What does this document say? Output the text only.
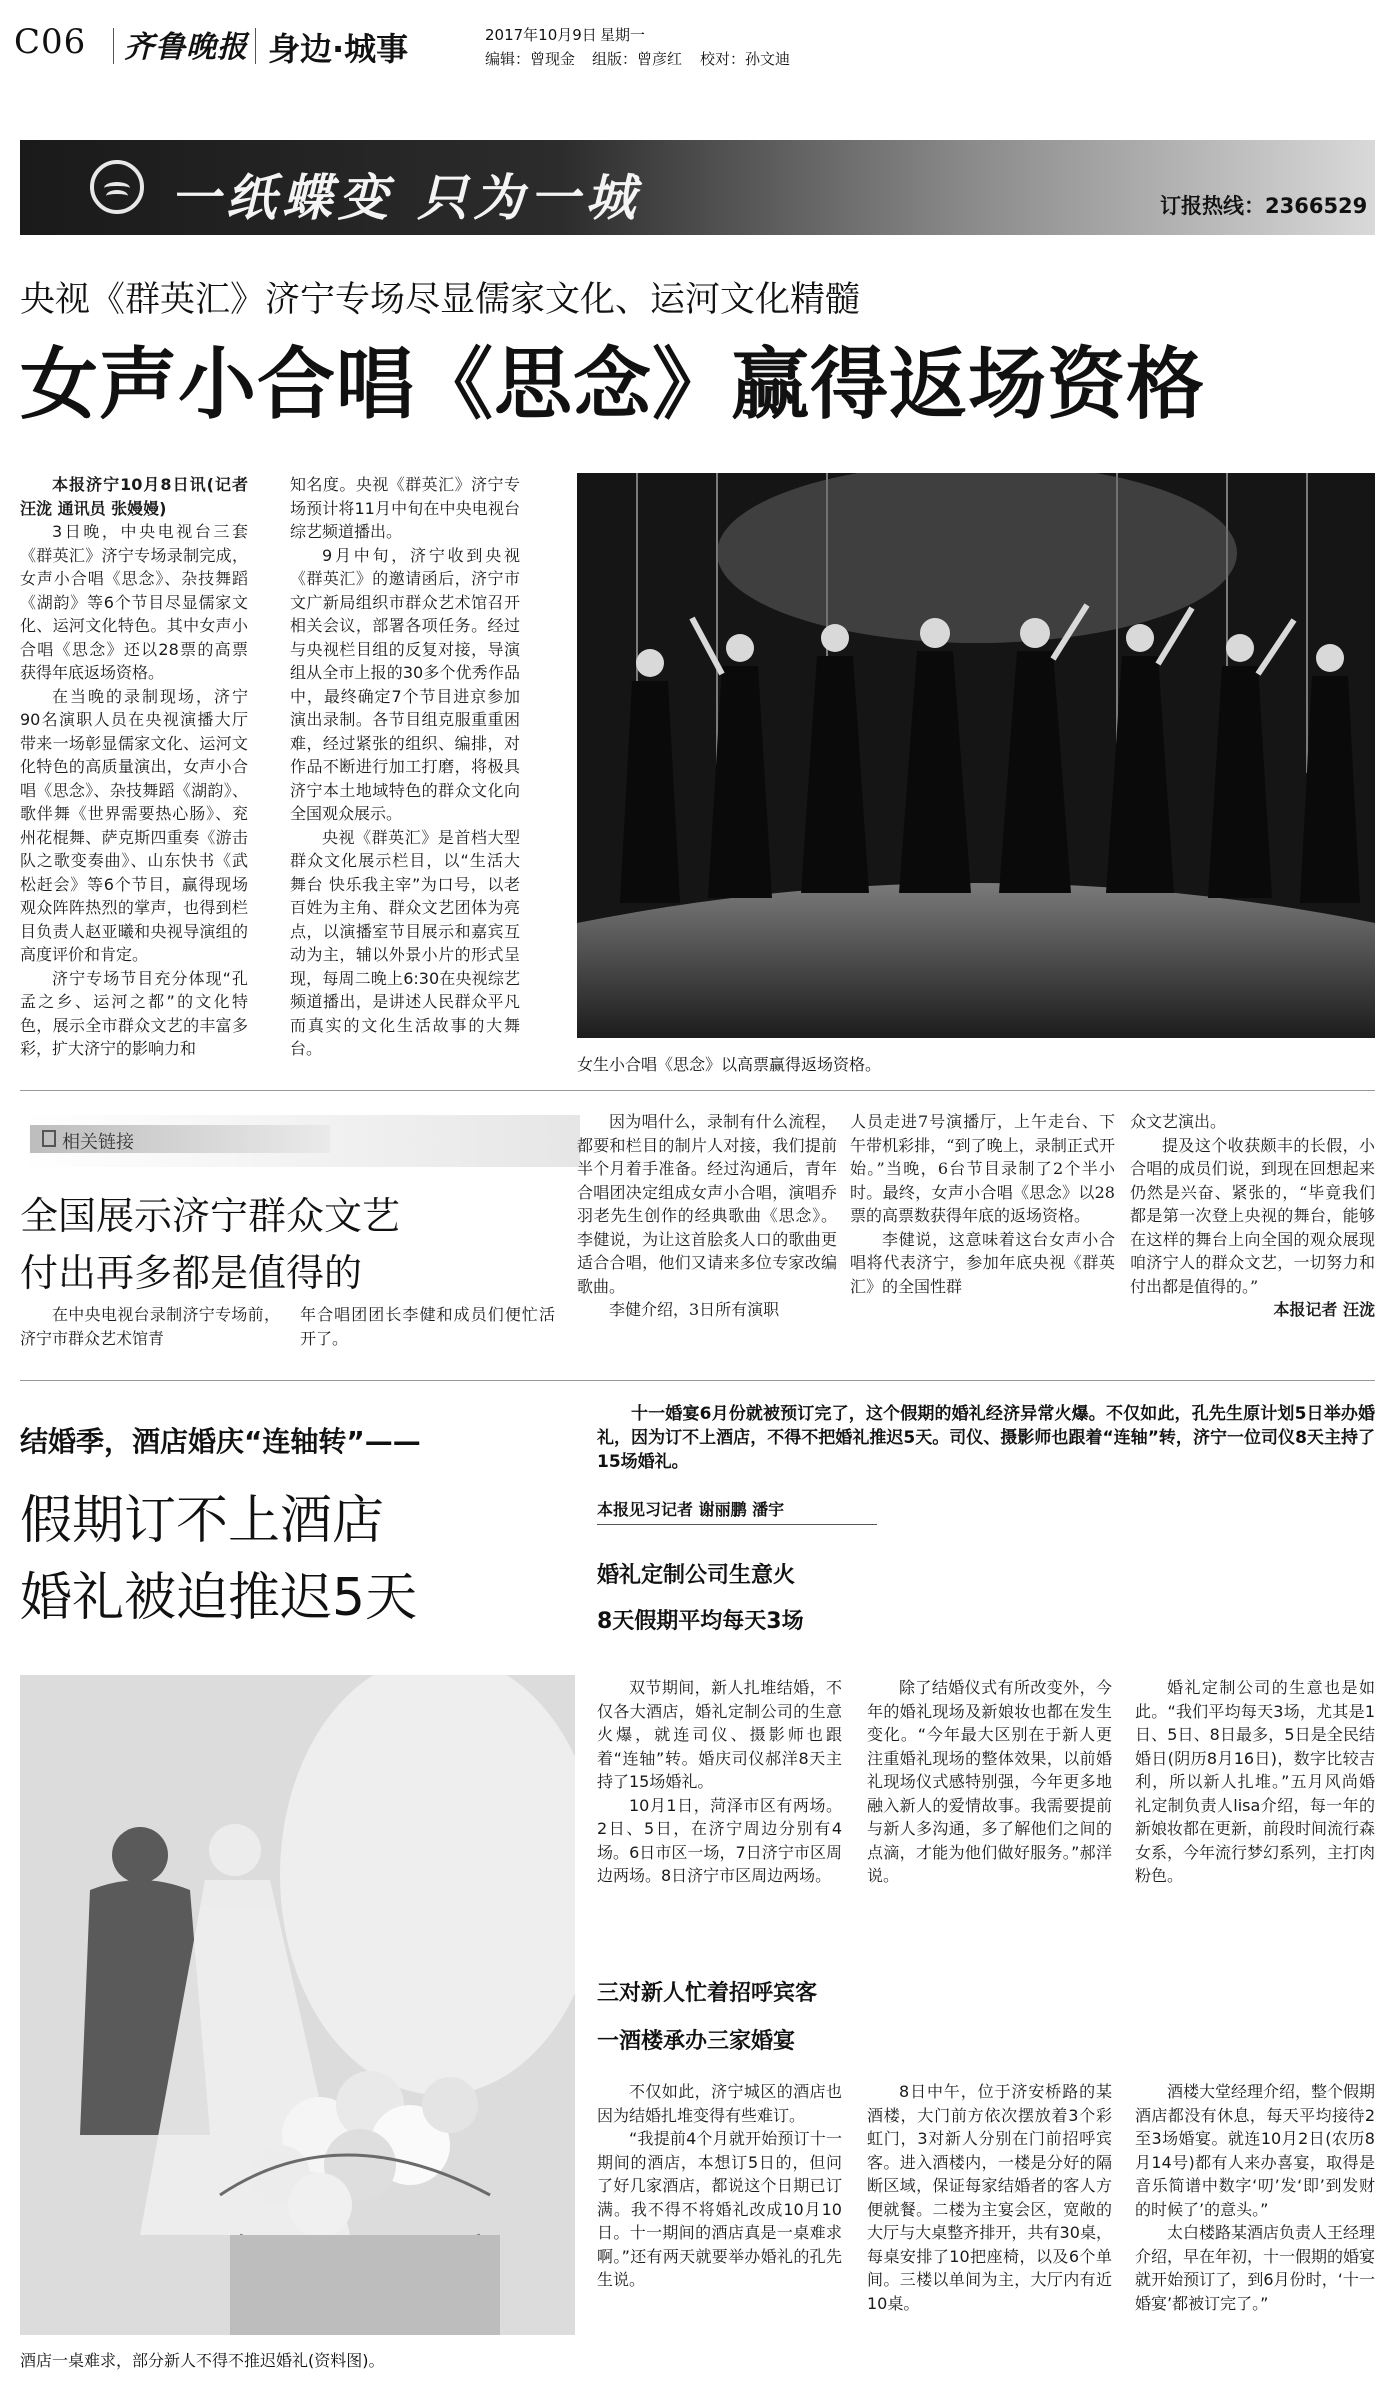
C06 齐鲁晚报 身边·城事	2017年10月9日 星期一
编辑：曾现金 组版：曾彦红 校对：孙文迪
一纸蝶变 只为一城	订报热线：2366529
央视《群英汇》济宁专场尽显儒家文化、运河文化精髓
女声小合唱《思念》赢得返场资格

本报济宁10月8日讯(记者 汪泷 通讯员 张嫚嫚)

3日晚，中央电视台三套《群英汇》济宁专场录制完成，女声小合唱《思念》、杂技舞蹈《湖韵》等6个节目尽显儒家文化、运河文化特色。其中女声小合唱《思念》还以28票的高票获得年底返场资格。

在当晚的录制现场，济宁90名演职人员在央视演播大厅带来一场彰显儒家文化、运河文化特色的高质量演出，女声小合唱《思念》、杂技舞蹈《湖韵》、歌伴舞《世界需要热心肠》、兖州花棍舞、萨克斯四重奏《游击队之歌变奏曲》、山东快书《武松赶会》等6个节目，赢得现场观众阵阵热烈的掌声，也得到栏目负责人赵亚曦和央视导演组的高度评价和肯定。

济宁专场节目充分体现“孔孟之乡、运河之都”的文化特色，展示全市群众文艺的丰富多彩，扩大济宁的影响力和

知名度。央视《群英汇》济宁专场预计将11月中旬在中央电视台综艺频道播出。

9月中旬，济宁收到央视《群英汇》的邀请函后，济宁市文广新局组织市群众艺术馆召开相关会议，部署各项任务。经过与央视栏目组的反复对接，导演组从全市上报的30多个优秀作品中，最终确定7个节目进京参加演出录制。各节目组克服重重困难，经过紧张的组织、编排，对作品不断进行加工打磨，将极具济宁本土地域特色的群众文化向全国观众展示。

央视《群英汇》是首档大型群众文化展示栏目，以“生活大舞台 快乐我主宰”为口号，以老百姓为主角、群众文艺团体为亮点，以演播室节目展示和嘉宾互动为主，辅以外景小片的形式呈现，每周二晚上6:30在央视综艺频道播出，是讲述人民群众平凡而真实的文化生活故事的大舞台。

女生小合唱《思念》以高票赢得返场资格。
相关链接
全国展示济宁群众文艺
付出再多都是值得的

在中央电视台录制济宁专场前，济宁市群众艺术馆青

年合唱团团长李健和成员们便忙活开了。

因为唱什么，录制有什么流程，都要和栏目的制片人对接，我们提前半个月着手准备。经过沟通后，青年合唱团决定组成女声小合唱，演唱乔羽老先生创作的经典歌曲《思念》。李健说，为让这首脍炙人口的歌曲更适合合唱，他们又请来多位专家改编歌曲。

李健介绍，3日所有演职

人员走进7号演播厅，上午走台、下午带机彩排，“到了晚上，录制正式开始。”当晚，6台节目录制了2个半小时。最终，女声小合唱《思念》以28票的高票数获得年底的返场资格。

李健说，这意味着这台女声小合唱将代表济宁，参加年底央视《群英汇》的全国性群

众文艺演出。

提及这个收获颇丰的长假，小合唱的成员们说，到现在回想起来仍然是兴奋、紧张的，“毕竟我们都是第一次登上央视的舞台，能够在这样的舞台上向全国的观众展现咱济宁人的群众文艺，一切努力和付出都是值得的。”

本报记者 汪泷

结婚季，酒店婚庆“连轴转”——
假期订不上酒店
婚礼被迫推迟5天
十一婚宴6月份就被预订完了，这个假期的婚礼经济异常火爆。不仅如此，孔先生原计划5日举办婚礼，因为订不上酒店，不得不把婚礼推迟5天。司仪、摄影师也跟着“连轴”转，济宁一位司仪8天主持了15场婚礼。
本报见习记者 谢丽鹏 潘宇
婚礼定制公司生意火
8天假期平均每天3场

双节期间，新人扎堆结婚，不仅各大酒店，婚礼定制公司的生意火爆，就连司仪、摄影师也跟着“连轴”转。婚庆司仪郝洋8天主持了15场婚礼。

10月1日，菏泽市区有两场。2日、5日，在济宁周边分别有4场。6日市区一场，7日济宁市区周边两场。8日济宁市区周边两场。

除了结婚仪式有所改变外，今年的婚礼现场及新娘妆也都在发生变化。“今年最大区别在于新人更注重婚礼现场的整体效果，以前婚礼现场仪式感特别强，今年更多地融入新人的爱情故事。我需要提前与新人多沟通，多了解他们之间的点滴，才能为他们做好服务。”郝洋说。

婚礼定制公司的生意也是如此。“我们平均每天3场，尤其是1日、5日、8日最多，5日是全民结婚日(阴历8月16日)，数字比较吉利，所以新人扎堆。”五月风尚婚礼定制负责人lisa介绍，每一年的新娘妆都在更新，前段时间流行森女系，今年流行梦幻系列，主打肉粉色。

三对新人忙着招呼宾客
一酒楼承办三家婚宴

不仅如此，济宁城区的酒店也因为结婚扎堆变得有些难订。

“我提前4个月就开始预订十一期间的酒店，本想订5日的，但问了好几家酒店，都说这个日期已订满。我不得不将婚礼改成10月10日。十一期间的酒店真是一桌难求啊。”还有两天就要举办婚礼的孔先生说。

8日中午，位于济安桥路的某酒楼，大门前方依次摆放着3个彩虹门，3对新人分别在门前招呼宾客。进入酒楼内，一楼是分好的隔断区域，保证每家结婚者的客人方便就餐。二楼为主宴会区，宽敞的大厅与大桌整齐排开，共有30桌，每桌安排了10把座椅，以及6个单间。三楼以单间为主，大厅内有近10桌。

酒楼大堂经理介绍，整个假期酒店都没有休息，每天平均接待2至3场婚宴。就连10月2日(农历8月14号)都有人来办喜宴，取得是音乐简谱中数字‘叨’发‘即’到发财的时候了’的意头。”

太白楼路某酒店负责人王经理介绍，早在年初，十一假期的婚宴就开始预订了，到6月份时，‘十一婚宴’都被订完了。”

酒店一桌难求，部分新人不得不推迟婚礼(资料图)。
